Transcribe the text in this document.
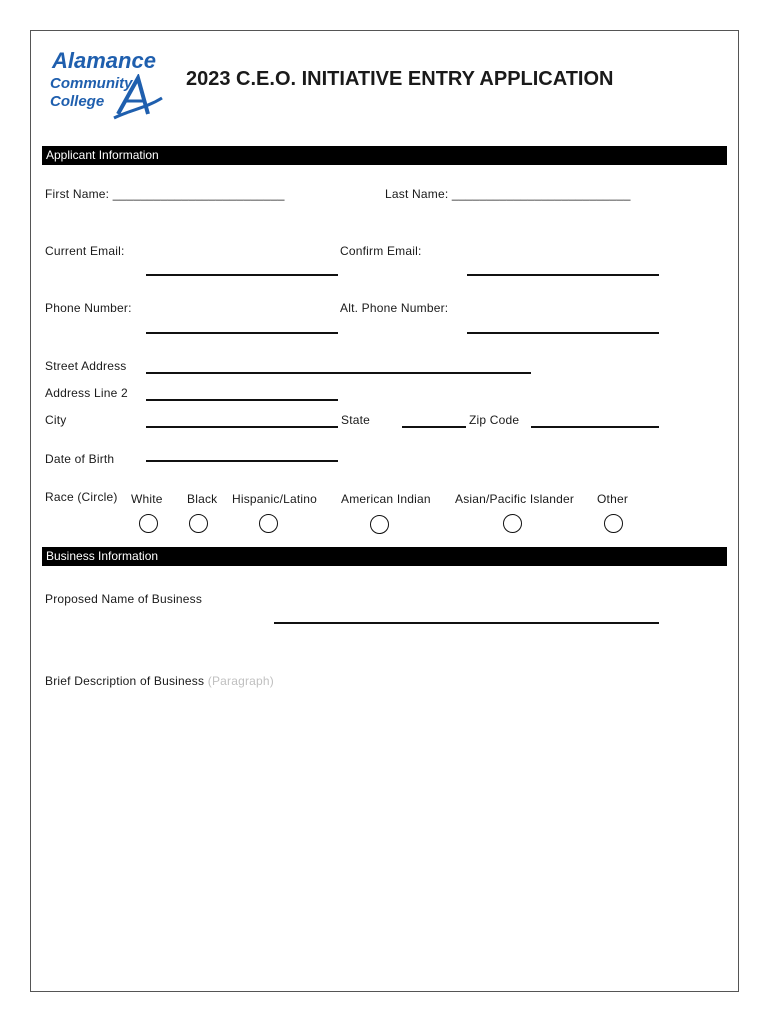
Alamance
Community
College
2023 C.E.O. INITIATIVE ENTRY APPLICATION
Applicant Information
First Name: _________________________	Last Name: __________________________
Current Email:	Confirm Email:
Phone Number:	Alt. Phone Number:
Street Address
Address Line 2
City	State	Zip Code
Date of Birth
Race (Circle) White Black Hispanic/Latino American Indian Asian/Pacific Islander Other
Business Information
Proposed Name of Business
Brief Description of Business (Paragraph)
